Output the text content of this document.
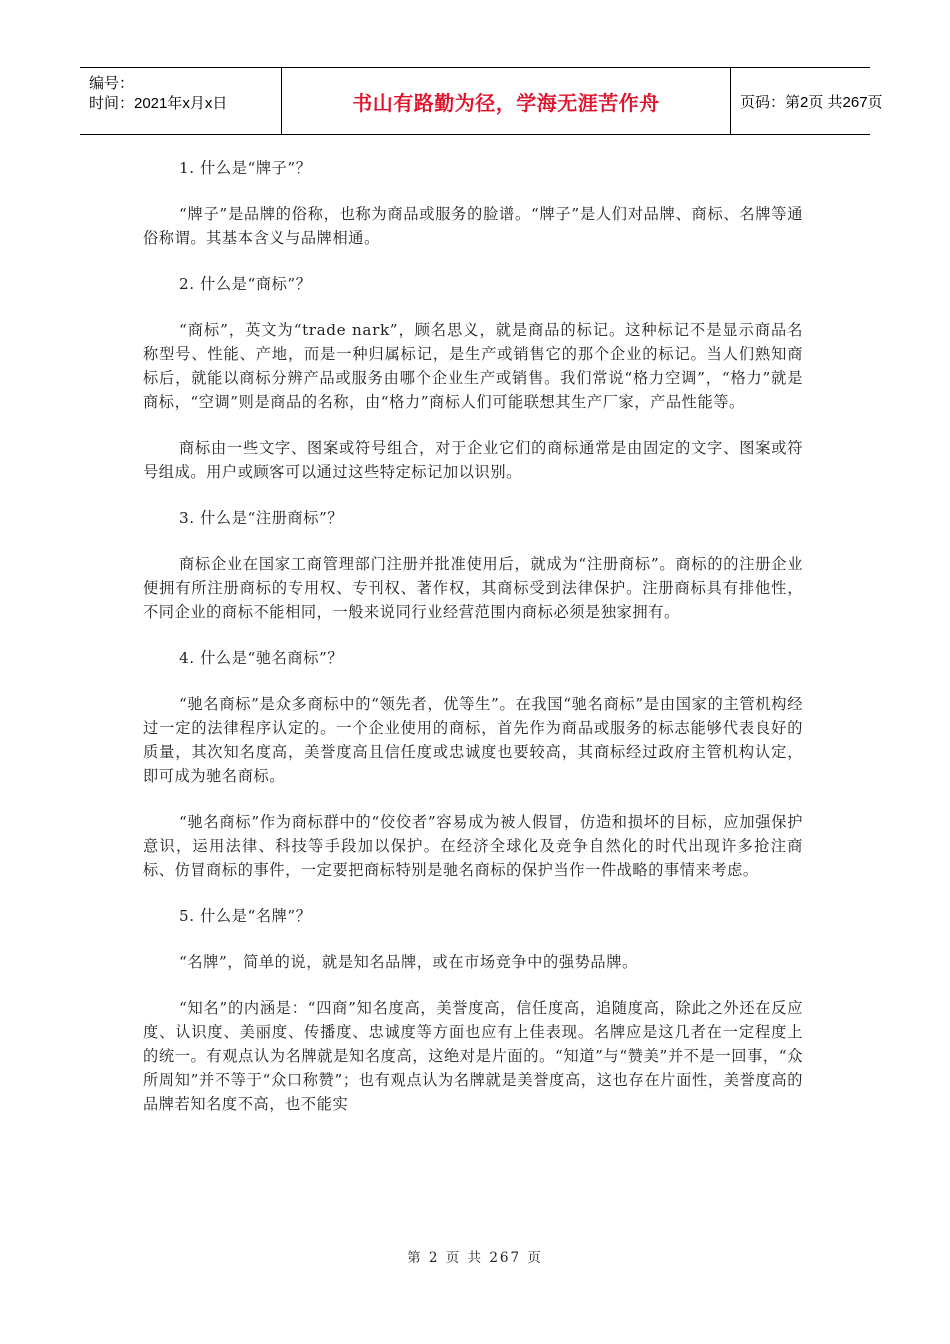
编号：
时间：2021年x月x日	书山有路勤为径，学海无涯苦作舟	页码：第2页 共267页

1. 什么是“牌子”？

“牌子”是品牌的俗称，也称为商品或服务的脸谱。“牌子”是人们对品牌、商标、名牌等通俗称谓。其基本含义与品牌相通。

2. 什么是“商标”？

“商标”，英文为“trade nark”，顾名思义，就是商品的标记。这种标记不是显示商品名称型号、性能、产地，而是一种归属标记，是生产或销售它的那个企业的标记。当人们熟知商标后，就能以商标分辨产品或服务由哪个企业生产或销售。我们常说“格力空调”，“格力”就是商标，“空调”则是商品的名称，由“格力”商标人们可能联想其生产厂家，产品性能等。

商标由一些文字、图案或符号组合，对于企业它们的商标通常是由固定的文字、图案或符号组成。用户或顾客可以通过这些特定标记加以识别。

3. 什么是“注册商标”？

商标企业在国家工商管理部门注册并批准使用后，就成为“注册商标”。商标的的注册企业便拥有所注册商标的专用权、专刊权、著作权，其商标受到法律保护。注册商标具有排他性，不同企业的商标不能相同，一般来说同行业经营范围内商标必须是独家拥有。

4. 什么是“驰名商标”？

“驰名商标”是众多商标中的“领先者，优等生”。在我国“驰名商标”是由国家的主管机构经过一定的法律程序认定的。一个企业使用的商标，首先作为商品或服务的标志能够代表良好的质量，其次知名度高，美誉度高且信任度或忠诚度也要较高，其商标经过政府主管机构认定，即可成为驰名商标。

“驰名商标”作为商标群中的“佼佼者”容易成为被人假冒，仿造和损坏的目标，应加强保护意识，运用法律、科技等手段加以保护。在经济全球化及竞争自然化的时代出现许多抢注商标、仿冒商标的事件，一定要把商标特别是驰名商标的保护当作一件战略的事情来考虑。

5. 什么是“名牌”？

“名牌”，简单的说，就是知名品牌，或在市场竞争中的强势品牌。

“知名”的内涵是：“四商”知名度高，美誉度高，信任度高，追随度高，除此之外还在反应度、认识度、美丽度、传播度、忠诚度等方面也应有上佳表现。名牌应是这几者在一定程度上的统一。有观点认为名牌就是知名度高，这绝对是片面的。“知道”与“赞美”并不是一回事，“众所周知”并不等于“众口称赞”；也有观点认为名牌就是美誉度高，这也存在片面性，美誉度高的品牌若知名度不高，也不能实

第 2 页 共 267 页
